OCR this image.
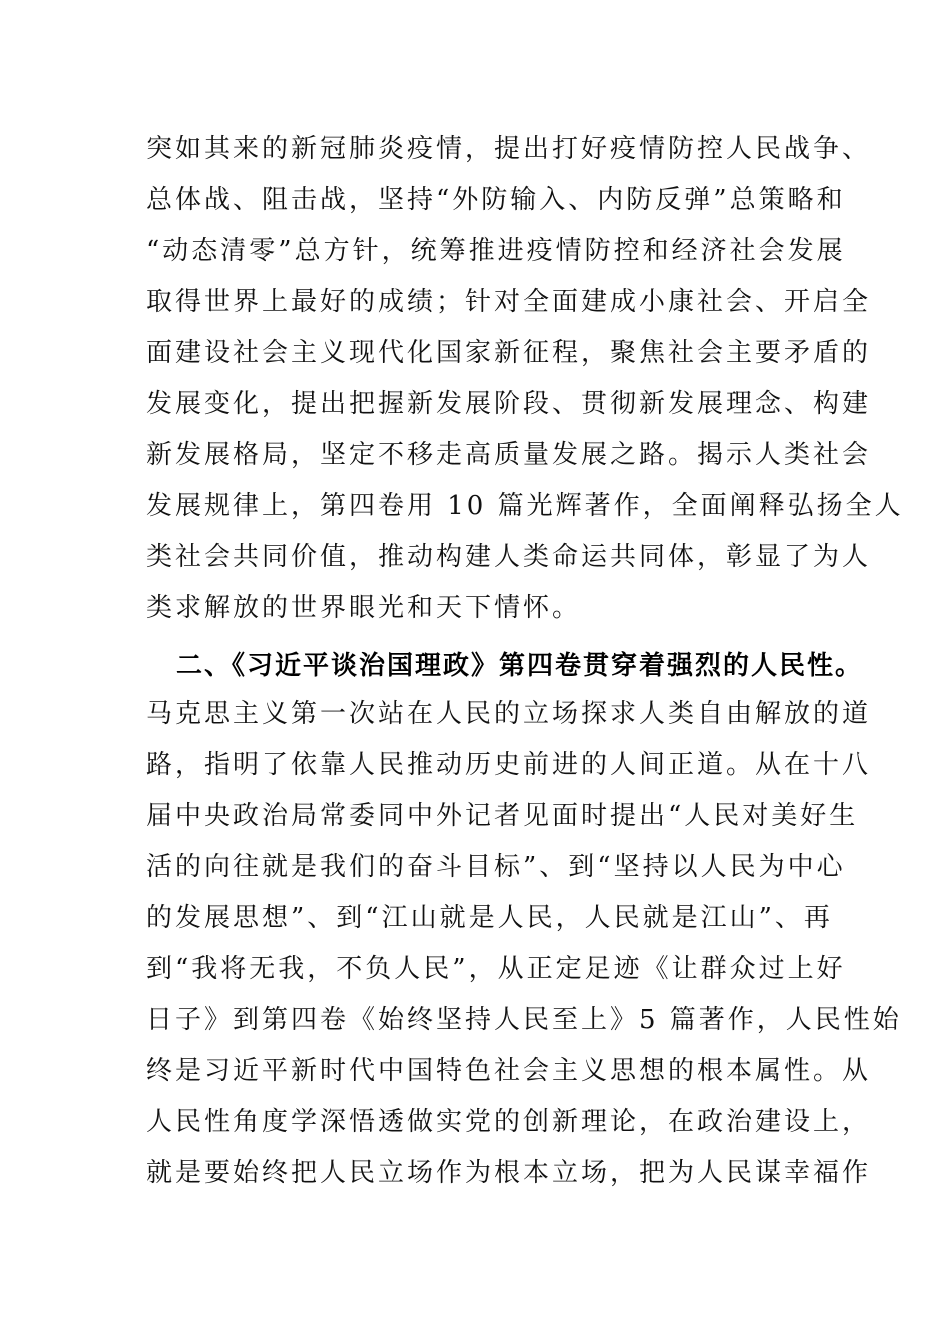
突如其来的新冠肺炎疫情，提出打好疫情防控人民战争、
总体战、阻击战，坚持“外防输入、内防反弹”总策略和
“动态清零”总方针，统筹推进疫情防控和经济社会发展
取得世界上最好的成绩；针对全面建成小康社会、开启全
面建设社会主义现代化国家新征程，聚焦社会主要矛盾的
发展变化，提出把握新发展阶段、贯彻新发展理念、构建
新发展格局，坚定不移走高质量发展之路。揭示人类社会
发展规律上，第四卷用 10 篇光辉著作，全面阐释弘扬全人
类社会共同价值，推动构建人类命运共同体，彰显了为人
类求解放的世界眼光和天下情怀。
二、《习近平谈治国理政》第四卷贯穿着强烈的人民性。
马克思主义第一次站在人民的立场探求人类自由解放的道
路，指明了依靠人民推动历史前进的人间正道。从在十八
届中央政治局常委同中外记者见面时提出“人民对美好生
活的向往就是我们的奋斗目标”、到“坚持以人民为中心
的发展思想”、到“江山就是人民，人民就是江山”、再
到“我将无我，不负人民”，从正定足迹《让群众过上好
日子》到第四卷《始终坚持人民至上》5 篇著作，人民性始
终是习近平新时代中国特色社会主义思想的根本属性。从
人民性角度学深悟透做实党的创新理论，在政治建设上，
就是要始终把人民立场作为根本立场，把为人民谋幸福作
